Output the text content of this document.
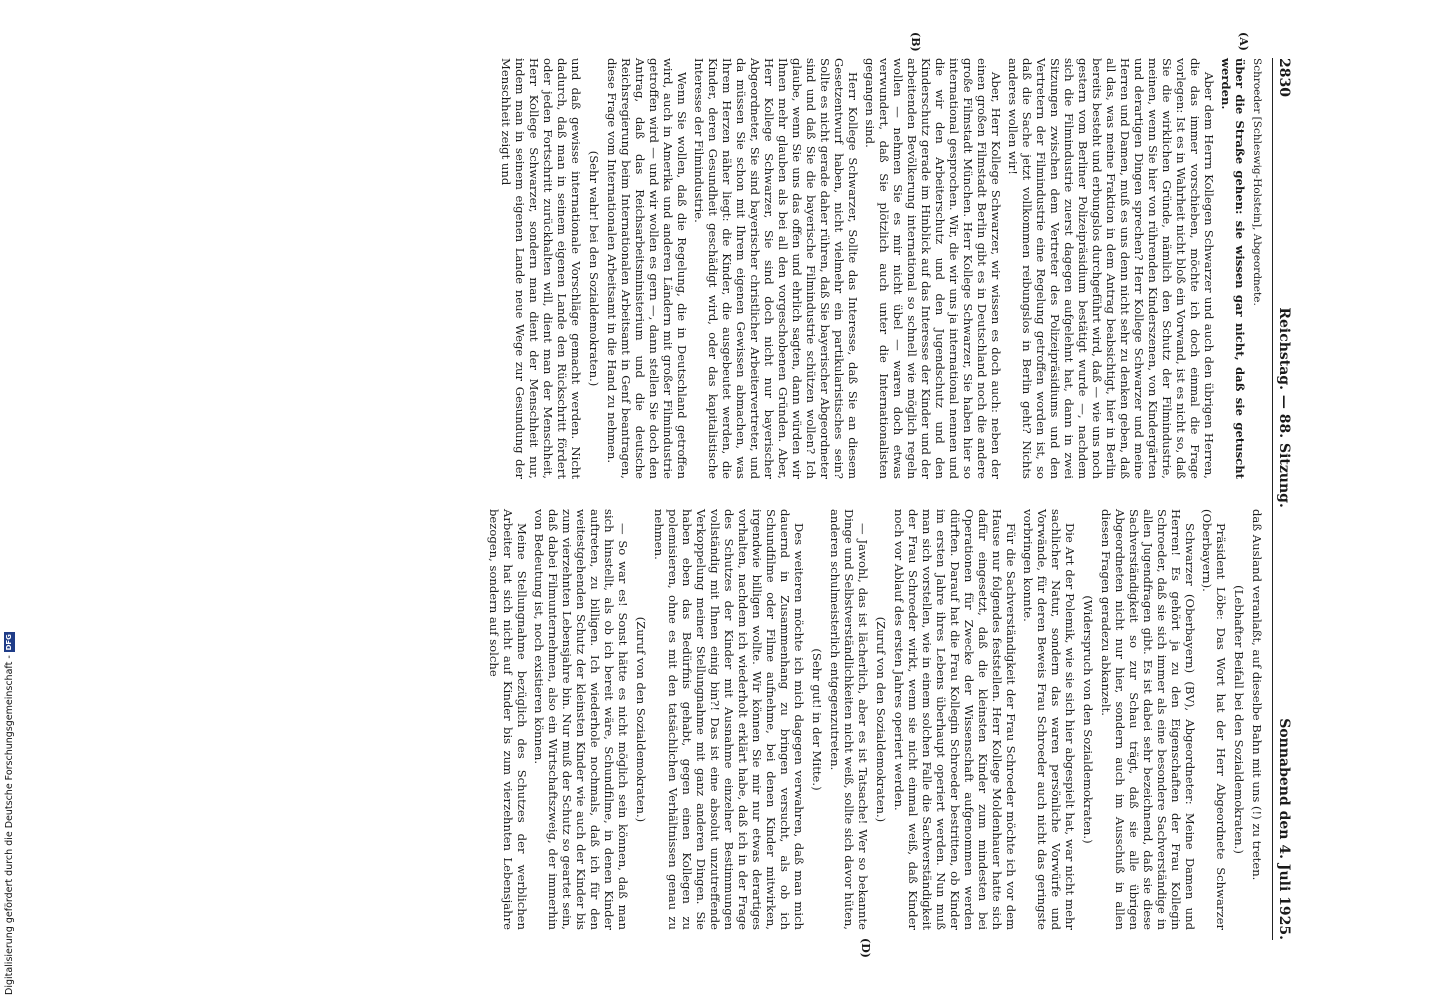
2830
Reichstag. — 88. Sitzung.
Sonnabend den 4. Juli 1925.
(A)
(B)

Schroeder [Schleswig-Holstein], Abgeordnete.

über die Straße gehen: sie wissen gar nicht, daß sie getuscht werden.

Aber dem Herrn Kollegen Schwarzer und auch den übrigen Herren, die das immer vorschieben, möchte ich doch einmal die Frage vorlegen: Ist es in Wahrheit nicht bloß ein Vorwand, ist es nicht so, daß Sie die wirklichen Gründe, nämlich den Schutz der Filmindustrie, meinen, wenn Sie hier von rührenden Kinderszenen, von Kindergärten und derartigen Dingen sprechen? Herr Kollege Schwarzer und meine Herren und Damen, muß es uns denn nicht sehr zu denken geben, daß all das, was meine Fraktion in dem Antrag beabsichtigt, hier in Berlin bereits besteht und erbungslos durchgeführt wird, daß — wie uns noch gestern vom Berliner Polizeipräsidium bestätigt wurde —, nachdem sich die Filmindustrie zuerst dagegen aufgelehnt hat, dann in zwei Sitzungen zwischen dem Vertreter des Polizeipräsidiums und den Vertretern der Filmindustrie eine Regelung getroffen worden ist, so daß die Sache jetzt vollkommen reibungslos in Berlin geht? Nichts anderes wollen wir!

Aber, Herr Kollege Schwarzer, wir wissen es doch auch: neben der einen großen Filmstadt Berlin gibt es in Deutschland noch die andere große Filmstadt München. Herr Kollege Schwarzer, Sie haben hier so international gesprochen. Wir, die wir uns ja international nennen und die wir den Arbeiterschutz und den Jugendschutz und den Kinderschutz gerade im Hinblick auf das Interesse der Kinder und der arbeitenden Bevölkerung international so schnell wie möglich regeln wollen — nehmen Sie es mir nicht übel — waren doch etwas verwundert, daß Sie plötzlich auch unter die Internationalisten gegangen sind.

Herr Kollege Schwarzer, Sollte das Interesse, daß Sie an diesem Gesetzentwurf haben, nicht vielmehr ein partikularistisches sein? Sollte es nicht gerade daher rühren, daß Sie bayerischer Abgeordneter sind und daß Sie die bayerische Filmindustrie schützen wollen? Ich glaube, wenn Sie uns das offen und ehrlich sagten, dann würden wir Ihnen mehr glauben als bei all den vorgeschobenen Gründen. Aber, Herr Kollege Schwarzer, Sie sind doch nicht nur bayerischer Abgeordneter, Sie sind bayerischer christlicher Arbeitervertreter, und da müssen Sie schon mit Ihrem eigenen Gewissen abmachen, was Ihrem Herzen näher liegt: die Kinder, die ausgebeutet werden, die Kinder, deren Gesundheit geschädigt wird, oder das kapitalistische Interesse der Filmindustrie.

Wenn Sie wollen, daß die Regelung, die in Deutschland getroffen wird, auch in Amerika und anderen Ländern mit großer Filmindustrie getroffen wird — und wir wollen es gern —, dann stellen Sie doch den Antrag, daß das Reichsarbeitsministerium und die deutsche Reichsregierung beim Internationalen Arbeitsamt in Genf beantragen, diese Frage vom Internationalen Arbeitsamt in die Hand zu nehmen.

(Sehr wahr! bei den Sozialdemokraten.)

und daß gewisse internationale Vorschläge gemacht werden. Nicht dadurch, daß man in seinem eigenen Lande den Rückschritt fördert oder jeden Fortschritt zurückhalten will, dient man der Menschheit, Herr Kollege Schwarzer, sondern man dient der Menschheit nur, indem man in seinem eigenen Lande neue Wege zur Gesundung der Menschheit zeigt und

(D)

daß Ausland veranlaßt, auf dieselbe Bahn mit uns (!) zu treten.

(Lebhafter Beifall bei den Sozialdemokraten.)

Präsident Löbe: Das Wort hat der Herr Abgeordnete Schwarzer (Oberbayern).

Schwarzer (Oberbayern) (BV), Abgeordneter: Meine Damen und Herren! Es gehört ja zu den Eigenschaften der Frau Kollegin Schroeder, daß sie sich immer als eine besondere Sachverständige in allen Jugendfragen gibt. Es ist dabei sehr bezeichnend, daß sie diese Sachverständigkeit so zur Schau trägt, daß sie alle übrigen Abgeordneten nicht nur hier, sondern auch im Ausschuß in allen diesen Fragen geradezu abkanzelt.

(Widerspruch von den Sozialdemokraten.)

Die Art der Polemik, wie sie sich hier abgespielt hat, war nicht mehr sachlicher Natur, sondern das waren persönliche Vorwürfe und Vorwände, für deren Beweis Frau Schroeder auch nicht das geringste vorbringen konnte.

Für die Sachverständigkeit der Frau Schroeder möchte ich vor dem Hause nur folgendes feststellen. Herr Kollege Moldenhauer hatte sich dafür eingesetzt, daß die kleinsten Kinder zum mindesten bei Operationen für Zwecke der Wissenschaft aufgenommen werden dürften. Darauf hat die Frau Kollegin Schroeder bestritten, ob Kinder im ersten Jahre ihres Lebens überhaupt operiert werden. Nun muß man sich vorstellen, wie in einem solchen Falle die Sachverständigkeit der Frau Schroeder wirkt, wenn sie nicht einmal weiß, daß Kinder noch vor Ablauf des ersten Jahres operiert werden.

(Zuruf von den Sozialdemokraten.)

— Jawohl, das ist lächerlich, aber es ist Tatsache! Wer so bekannte Dinge und Selbstverständlichkeiten nicht weiß, sollte sich davor hüten, anderen schulmeisterlich entgegenzutreten.

(Sehr gut! in der Mitte.)

Des weiteren möchte ich mich dagegen verwahren, daß man mich dauernd in Zusammenhang zu bringen versucht, als ob ich Schundfilme oder Filme aufnehme, bei denen Kinder mitwirken, irgendwie billigen wollte. Wir können Sie mir nur etwas derartiges vorhalten, nachdem ich wiederholt erklärt habe, daß ich in der Frage des Schutzes der Kinder mit Ausnahme einzelner Bestimmungen vollständig mit Ihnen einig bin?! Das ist eine absolut unzutreffende Verkoppelung meiner Stellungnahme mit ganz anderen Dingen. Sie haben eben das Bedürfnis gehabt, gegen einen Kollegen zu polemisieren, ohne es mit den tatsächlichen Verhältnissen genau zu nehmen.

(Zuruf von den Sozialdemokraten.)

— So war es! Sonst hätte es nicht möglich sein können, daß man sich hinstellt, als ob ich bereit wäre, Schundfilme, in denen Kinder auftreten, zu billigen. Ich wiederhole nochmals, daß ich für den weitestgehenden Schutz der kleinsten Kinder wie auch der Kinder bis zum vierzehnten Lebensjahre bin. Nur muß der Schutz so geartet sein, daß dabei Filmunternehmen, also ein Wirtschaftszweig, der immerhin von Bedeutung ist, noch existieren können.

Meine Stellungnahme bezüglich des Schutzes der werblichen Arbeiter hat sich nicht auf Kinder bis zum vierzehnten Lebensjahre bezogen, sondern auf solche

Digitalisierung gefördert durch die Deutsche Forschungsgemeinschaft -
DFG
